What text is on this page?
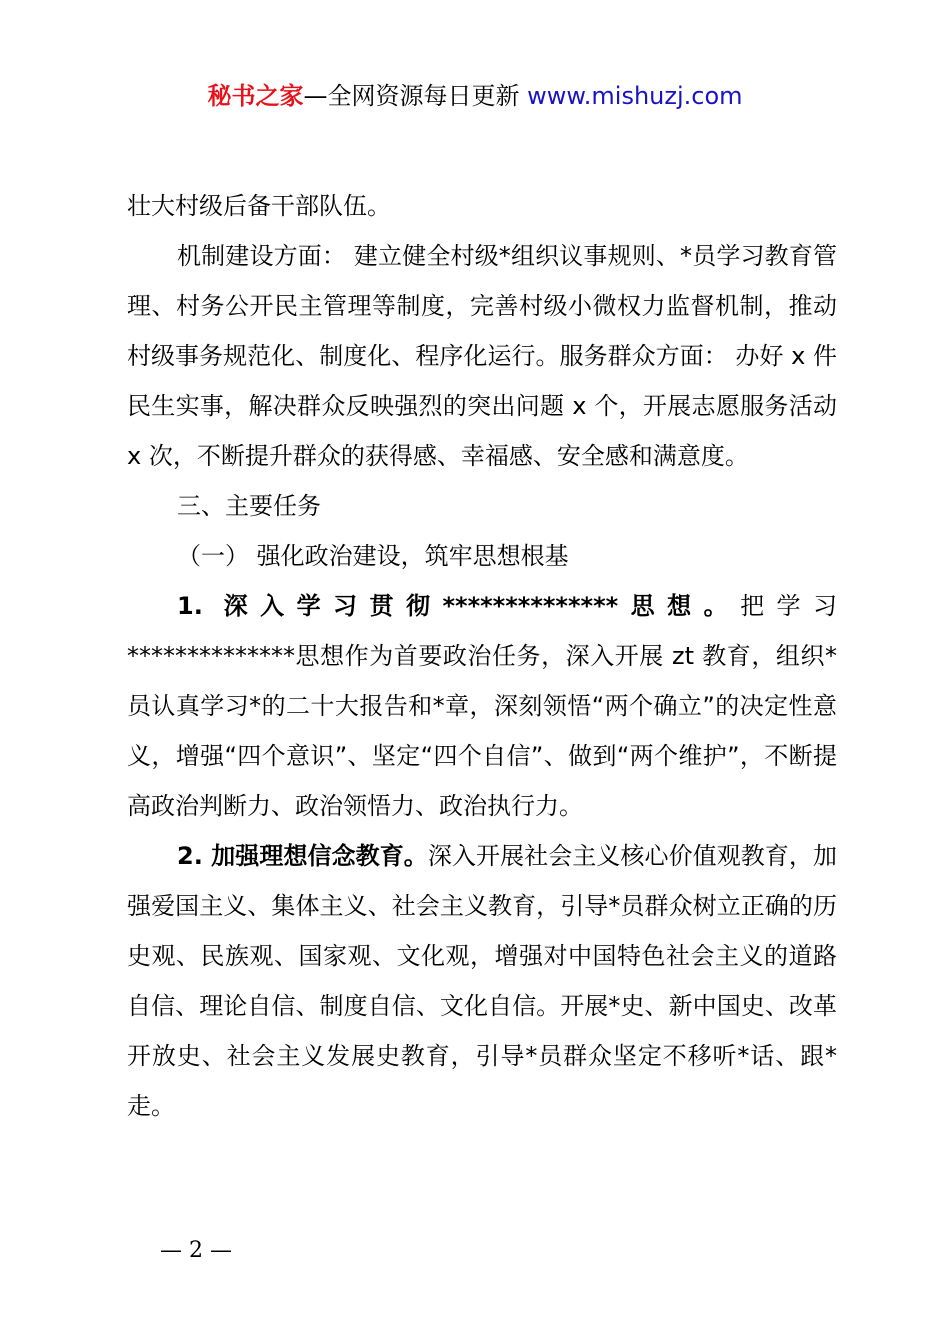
秘书之家—全网资源每日更新 www.mishuzj.com

壮大村级后备干部队伍。

机制建设方面： 建立健全村级*组织议事规则、*员学习教育管理、村务公开民主管理等制度，完善村级小微权力监督机制，推动村级事务规范化、制度化、程序化运行。服务群众方面： 办好 x 件民生实事，解决群众反映强烈的突出问题 x 个，开展志愿服务活动 x 次，不断提升群众的获得感、幸福感、安全感和满意度。

三、主要任务

（一） 强化政治建设，筑牢思想根基

1. 深入学习贯彻**************思想。把学习**************思想作为首要政治任务，深入开展 zt 教育，组织*员认真学习*的二十大报告和*章，深刻领悟“两个确立”的决定性意义，增强“四个意识”、坚定“四个自信”、做到“两个维护”，不断提高政治判断力、政治领悟力、政治执行力。

2. 加强理想信念教育。深入开展社会主义核心价值观教育，加强爱国主义、集体主义、社会主义教育，引导*员群众树立正确的历史观、民族观、国家观、文化观，增强对中国特色社会主义的道路自信、理论自信、制度自信、文化自信。开展*史、新中国史、改革开放史、社会主义发展史教育，引导*员群众坚定不移听*话、跟*走。

— 2 —
